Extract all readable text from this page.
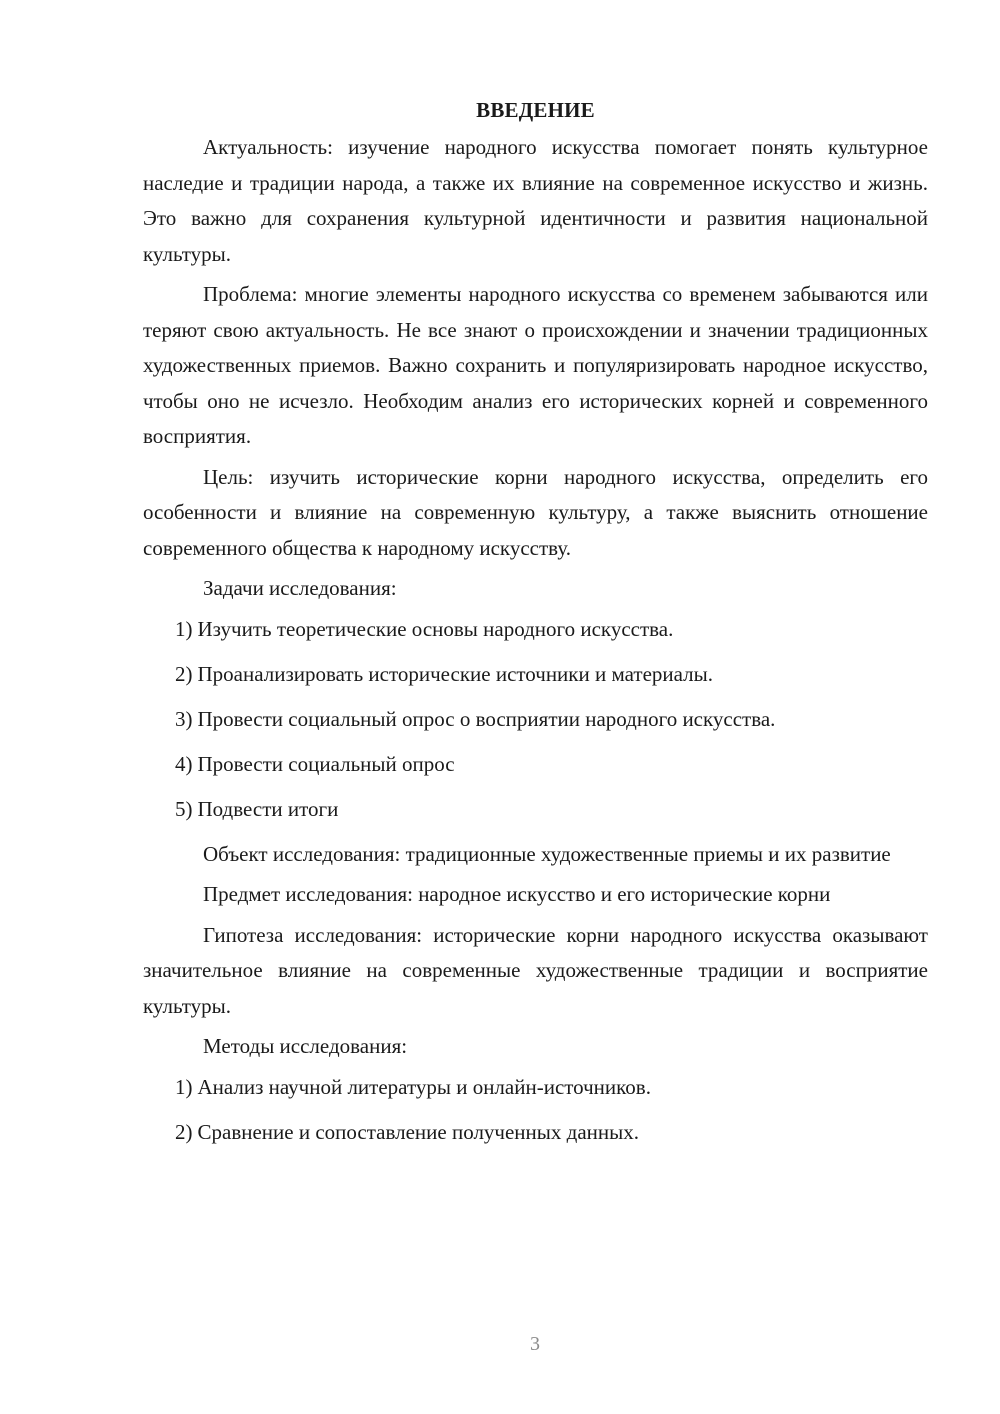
ВВЕДЕНИЕ
Актуальность: изучение народного искусства помогает понять культурное наследие и традиции народа, а также их влияние на современное искусство и жизнь. Это важно для сохранения культурной идентичности и развития национальной культуры.
Проблема: многие элементы народного искусства со временем забываются или теряют свою актуальность. Не все знают о происхождении и значении традиционных художественных приемов. Важно сохранить и популяризировать народное искусство, чтобы оно не исчезло. Необходим анализ его исторических корней и современного восприятия.
Цель: изучить исторические корни народного искусства, определить его особенности и влияние на современную культуру, а также выяснить отношение современного общества к народному искусству.
Задачи исследования:
1) Изучить теоретические основы народного искусства.
2) Проанализировать исторические источники и материалы.
3) Провести социальный опрос о восприятии народного искусства.
4) Провести социальный опрос
5) Подвести итоги
Объект исследования: традиционные художественные приемы и их развитие
Предмет исследования: народное искусство и его исторические корни
Гипотеза исследования: исторические корни народного искусства оказывают значительное влияние на современные художественные традиции и восприятие культуры.
Методы исследования:
1) Анализ научной литературы и онлайн-источников.
2) Сравнение и сопоставление полученных данных.
3
